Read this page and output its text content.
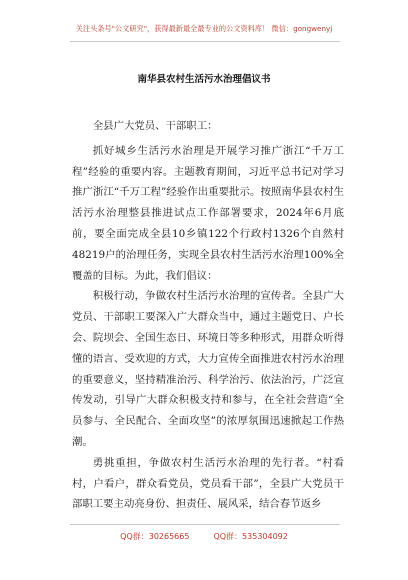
关注头条号"公文研究"，获得最新最全最专业的公文资料库！ 微信：gongwenyj
南华县农村生活污水治理倡议书

全县广大党员、干部职工：

抓好城乡生活污水治理是开展学习推广浙江“千万工程”经验的重要内容。主题教育期间，习近平总书记对学习推广浙江“千万工程”经验作出重要批示。按照南华县农村生活污水治理整县推进试点工作部署要求，2024年6月底前，要全面完成全县10乡镇122个行政村1326个自然村48219户的治理任务，实现全县农村生活污水治理100%全覆盖的目标。为此，我们倡议：

积极行动，争做农村生活污水治理的宣传者。全县广大党员、干部职工要深入广大群众当中，通过主题党日、户长会、院坝会、全国生态日、环境日等多种形式，用群众听得懂的语言、受欢迎的方式，大力宣传全面推进农村污水治理的重要意义，坚持精准治污、科学治污、依法治污，广泛宣传发动，引导广大群众积极支持和参与，在全社会营造“全员参与、全民配合、全面攻坚”的浓厚氛围迅速掀起工作热潮。

勇挑重担，争做农村生活污水治理的先行者。“村看村，户看户，群众看党员，党员看干部”，全县广大党员干部职工要主动亮身份、担责任、展风采，结合春节返乡

QQ群：30265665	QQ群：535304092
